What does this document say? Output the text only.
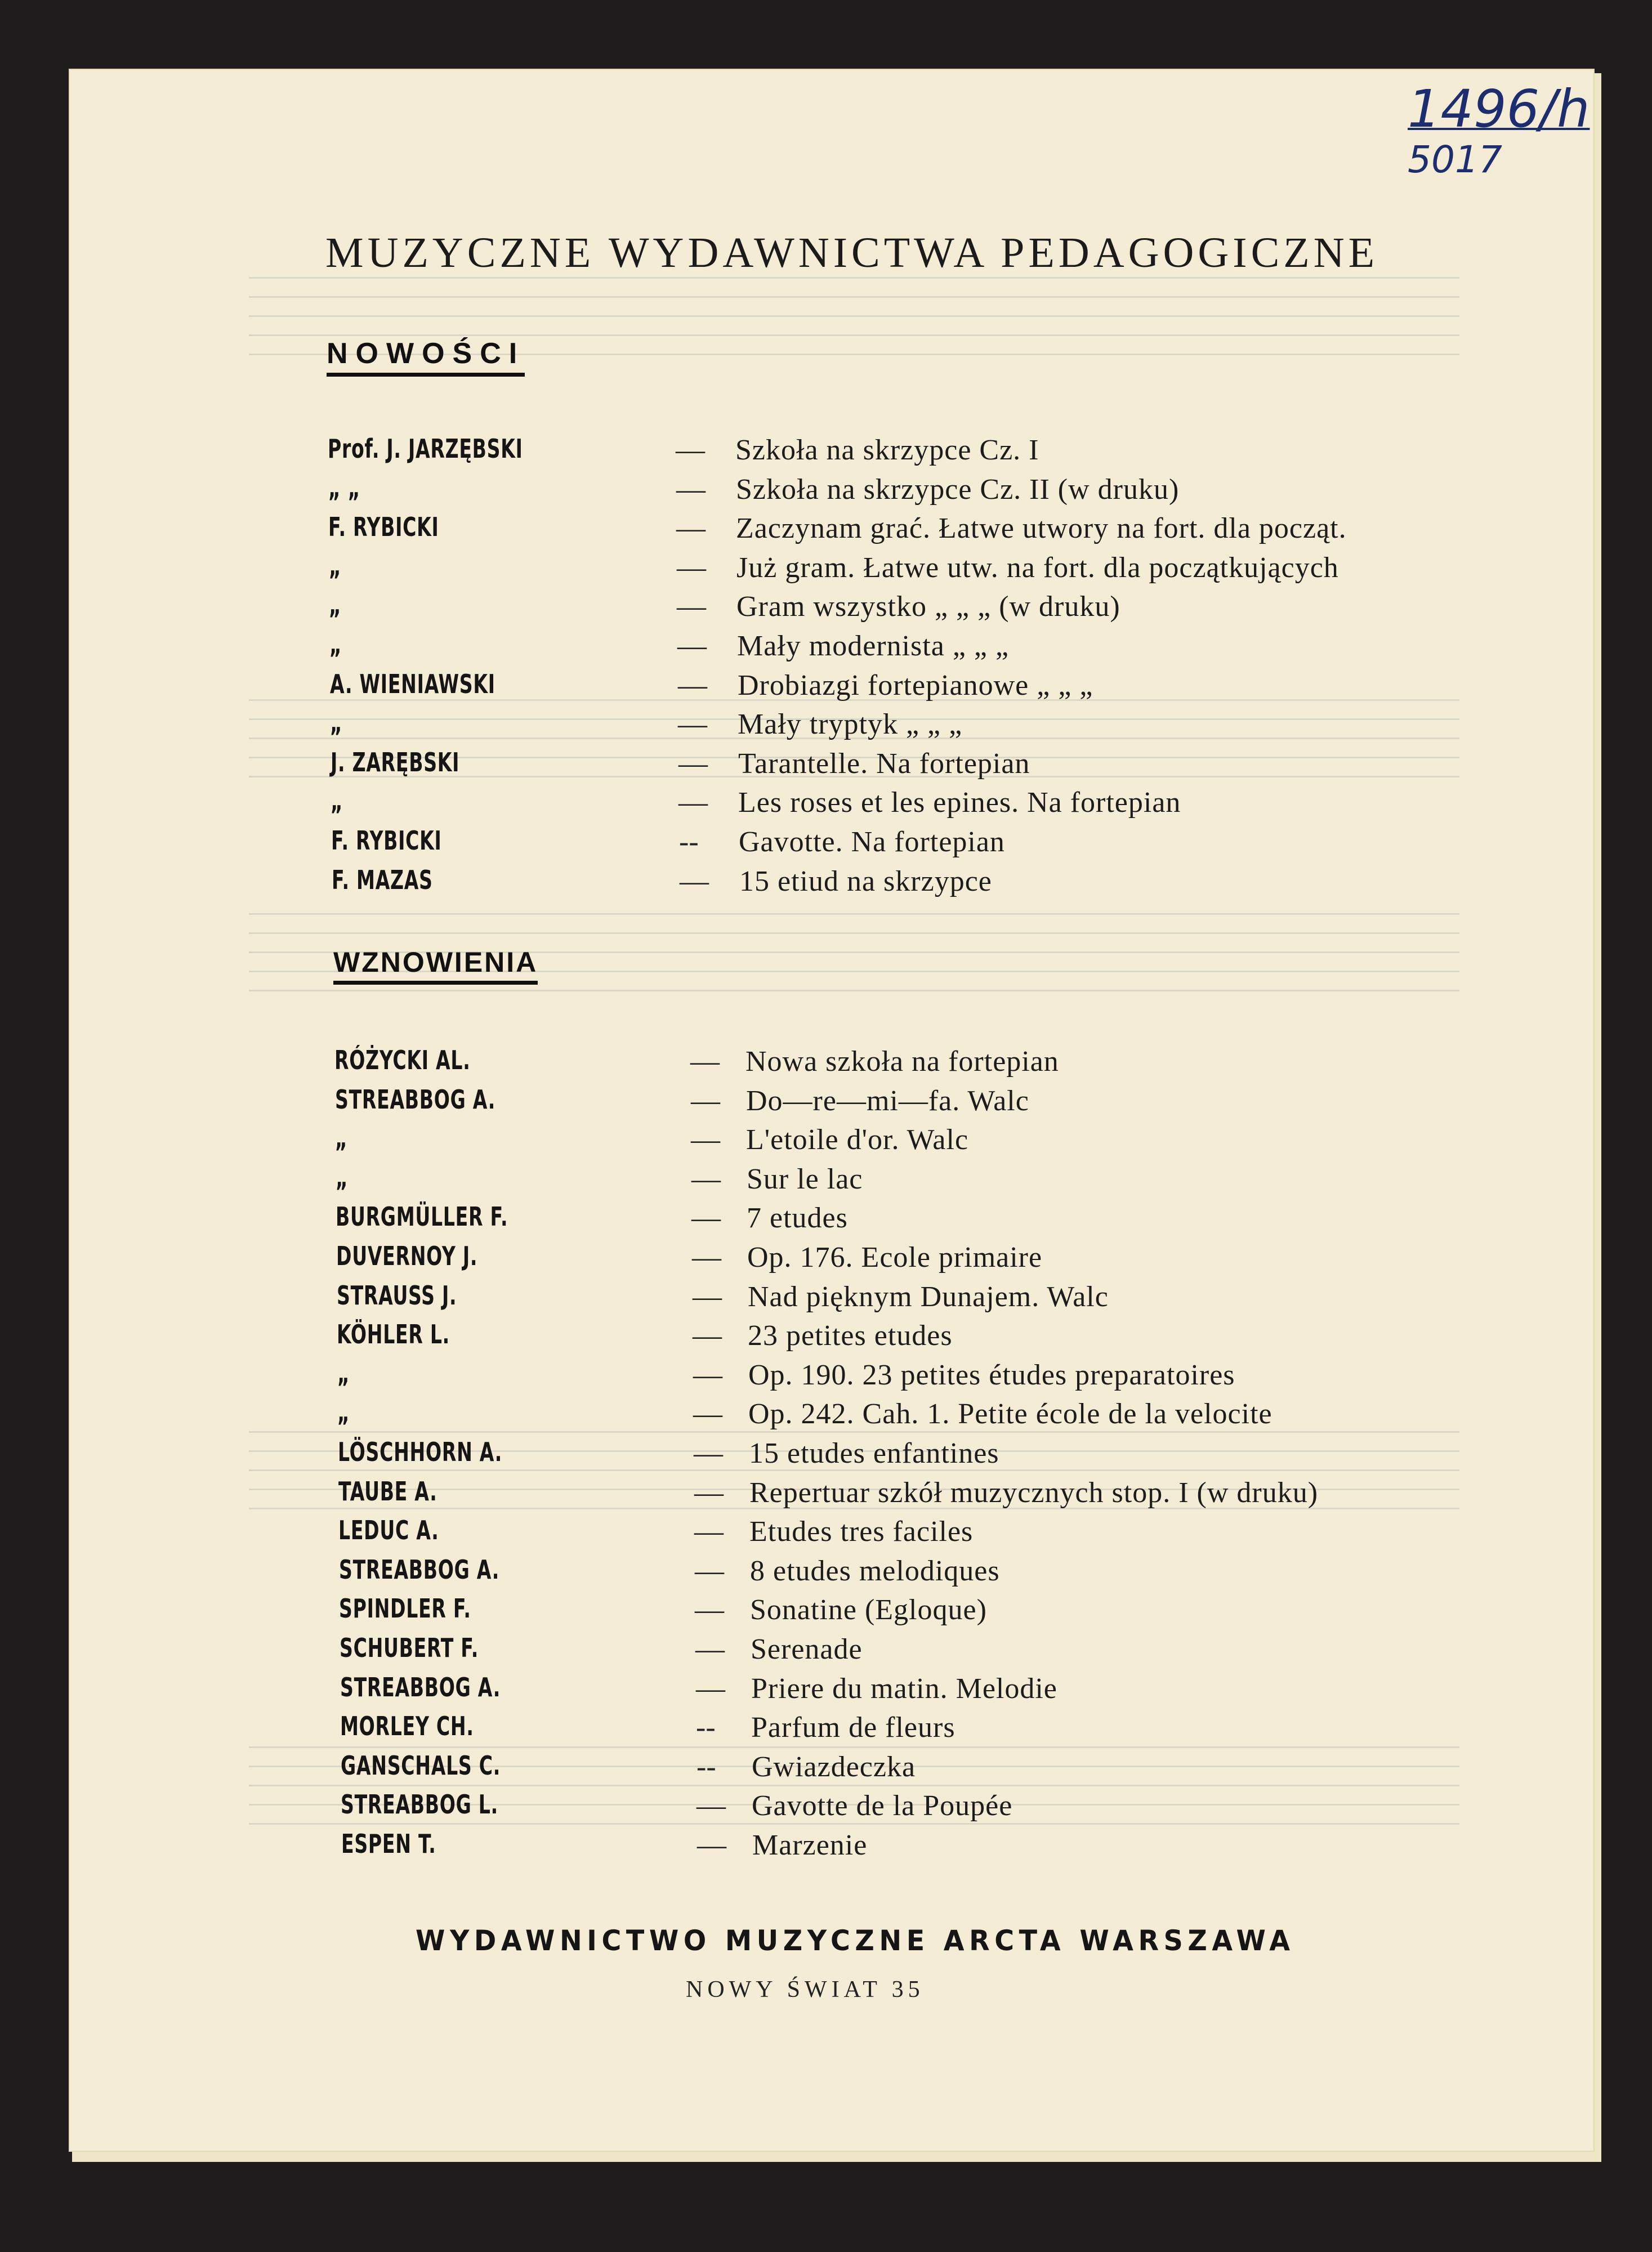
1496/h
5017
MUZYCZNE WYDAWNICTWA PEDAGOGICZNE
NOWOŚCI
Prof. J. JARZĘBSKI	— Szkoła na skrzypce Cz. I
„ „	— Szkoła na skrzypce Cz. II (w druku)
F. RYBICKI	— Zaczynam grać. Łatwe utwory na fort. dla począt.
„	— Już gram. Łatwe utw. na fort. dla początkujących
„	— Gram wszystko „ „ „ (w druku)
„	— Mały modernista „ „ „
A. WIENIAWSKI	— Drobiazgi fortepianowe „ „ „
„	— Mały tryptyk „ „ „
J. ZARĘBSKI	— Tarantelle. Na fortepian
„	— Les roses et les epines. Na fortepian
F. RYBICKI	-- Gavotte. Na fortepian
F. MAZAS	— 15 etiud na skrzypce
WZNOWIENIA
RÓŻYCKI AL.	— Nowa szkoła na fortepian
STREABBOG A.	— Do—re—mi—fa. Walc
„	— L'etoile d'or. Walc
„	— Sur le lac
BURGMÜLLER F.	— 7 etudes
DUVERNOY J.	— Op. 176. Ecole primaire
STRAUSS J.	— Nad pięknym Dunajem. Walc
KÖHLER L.	— 23 petites etudes
„	— Op. 190. 23 petites études preparatoires
„	— Op. 242. Cah. 1. Petite école de la velocite
LÖSCHHORN A.	— 15 etudes enfantines
TAUBE A.	— Repertuar szkół muzycznych stop. I (w druku)
LEDUC A.	— Etudes tres faciles
STREABBOG A.	— 8 etudes melodiques
SPINDLER F.	— Sonatine (Egloque)
SCHUBERT F.	— Serenade
STREABBOG A.	— Priere du matin. Melodie
MORLEY CH.	-- Parfum de fleurs
GANSCHALS C.	-- Gwiazdeczka
STREABBOG L.	— Gavotte de la Poupée
ESPEN T.	— Marzenie
WYDAWNICTWO MUZYCZNE ARCTA WARSZAWA
NOWY ŚWIAT 35
